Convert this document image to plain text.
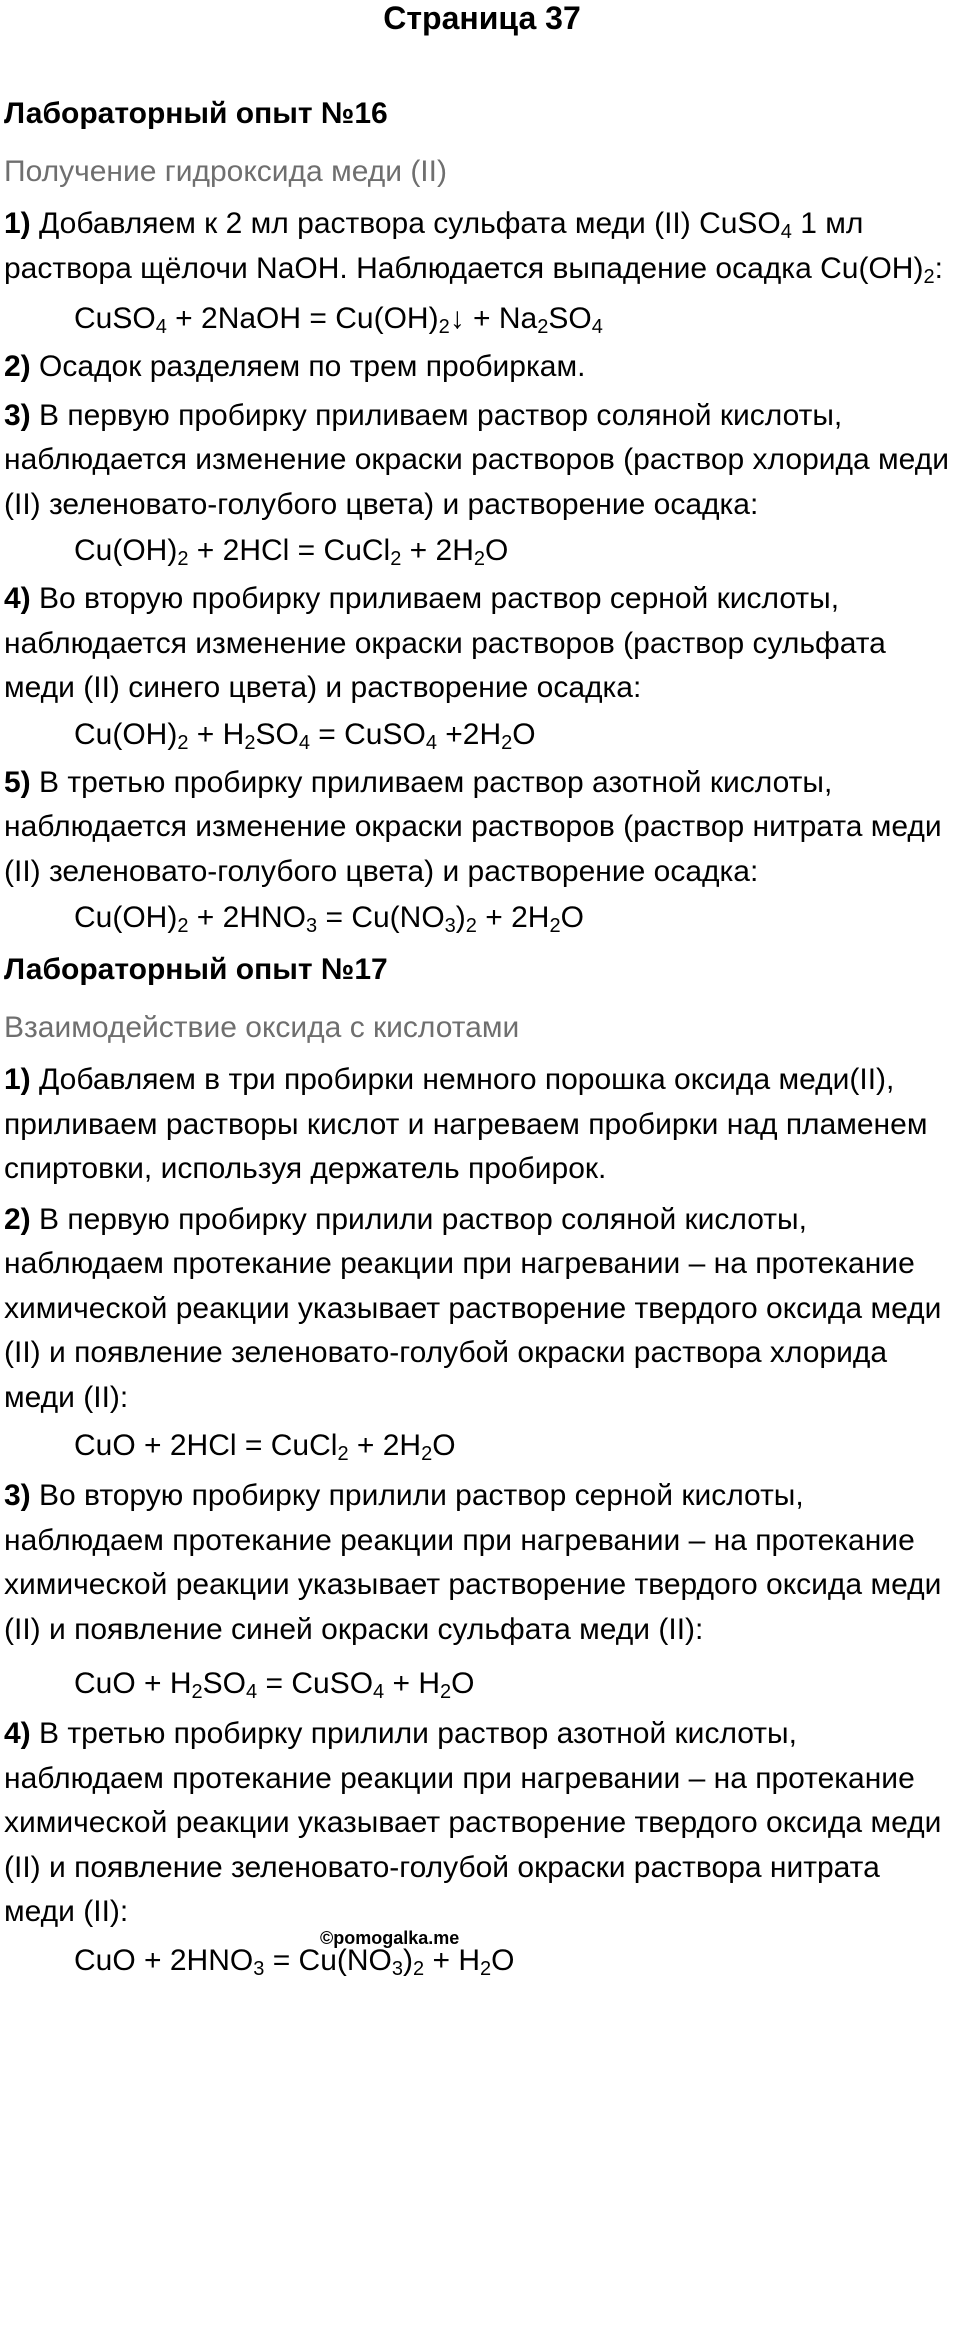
Страница 37
Лабораторный опыт №16

Получение гидроксида меди (II)

1) Добавляем к 2 мл раствора сульфата меди (II) CuSO$_4$ 1 мл раствора щёлочи NaOH. Наблюдается выпадение осадка $Cu(OH)_2$:

CuSO$_4$ + 2NaOH = $Cu(OH)_2↓ + Na_2SO_4$

2) Осадок разделяем по трем пробиркам.

3) В первую пробирку приливаем раствор соляной кислоты, наблюдается изменение окраски растворов (раствор хлорида меди (II) зеленовато-голубого цвета) и растворение осадка:

$Cu(OH)_2 + 2HCl$ = CuCl$_2$ + $2H_2O$

4) Во вторую пробирку приливаем раствор серной кислоты, наблюдается изменение окраски растворов (раствор сульфата меди (II) синего цвета) и растворение осадка:

$Cu(OH)_2 + H_2SO_4$ = CuSO$_4$ $+2H_2O$

5) В третью пробирку приливаем раствор азотной кислоты, наблюдается изменение окраски растворов (раствор нитрата меди (II) зеленовато-голубого цвета) и растворение осадка:

$Cu(OH)_2 + 2HNO_3 = Cu(NO_3)_2 + 2H_2O$

Лабораторный опыт №17

Взаимодействие оксида с кислотами

1) Добавляем в три пробирки немного порошка оксида меди(II), приливаем растворы кислот и нагреваем пробирки над пламенем спиртовки, используя держатель пробирок.

2) В первую пробирку прилили раствор соляной кислоты, наблюдаем протекание реакции при нагревании – на протекание химической реакции указывает растворение твердого оксида меди (II) и появление зеленовато-голубой окраски раствора хлорида меди (II):

CuO + 2HCl = CuCl$_2$ + $2H_2O$

3) Во вторую пробирку прилили раствор серной кислоты, наблюдаем протекание реакции при нагревании – на протекание химической реакции указывает растворение твердого оксида меди (II) и появление синей окраски сульфата меди (II):

CuO + $H_2SO_4$ = CuSO$_4$ + $H_2O$

4) В третью пробирку прилили раствор азотной кислоты, наблюдаем протекание реакции при нагревании – на протекание химической реакции указывает растворение твердого оксида меди (II) и появление зеленовато-голубой окраски раствора нитрата меди (II):

CuO + $2HNO_3 = Cu(NO_3)_2 + H_2O$

©pomogalka.me
